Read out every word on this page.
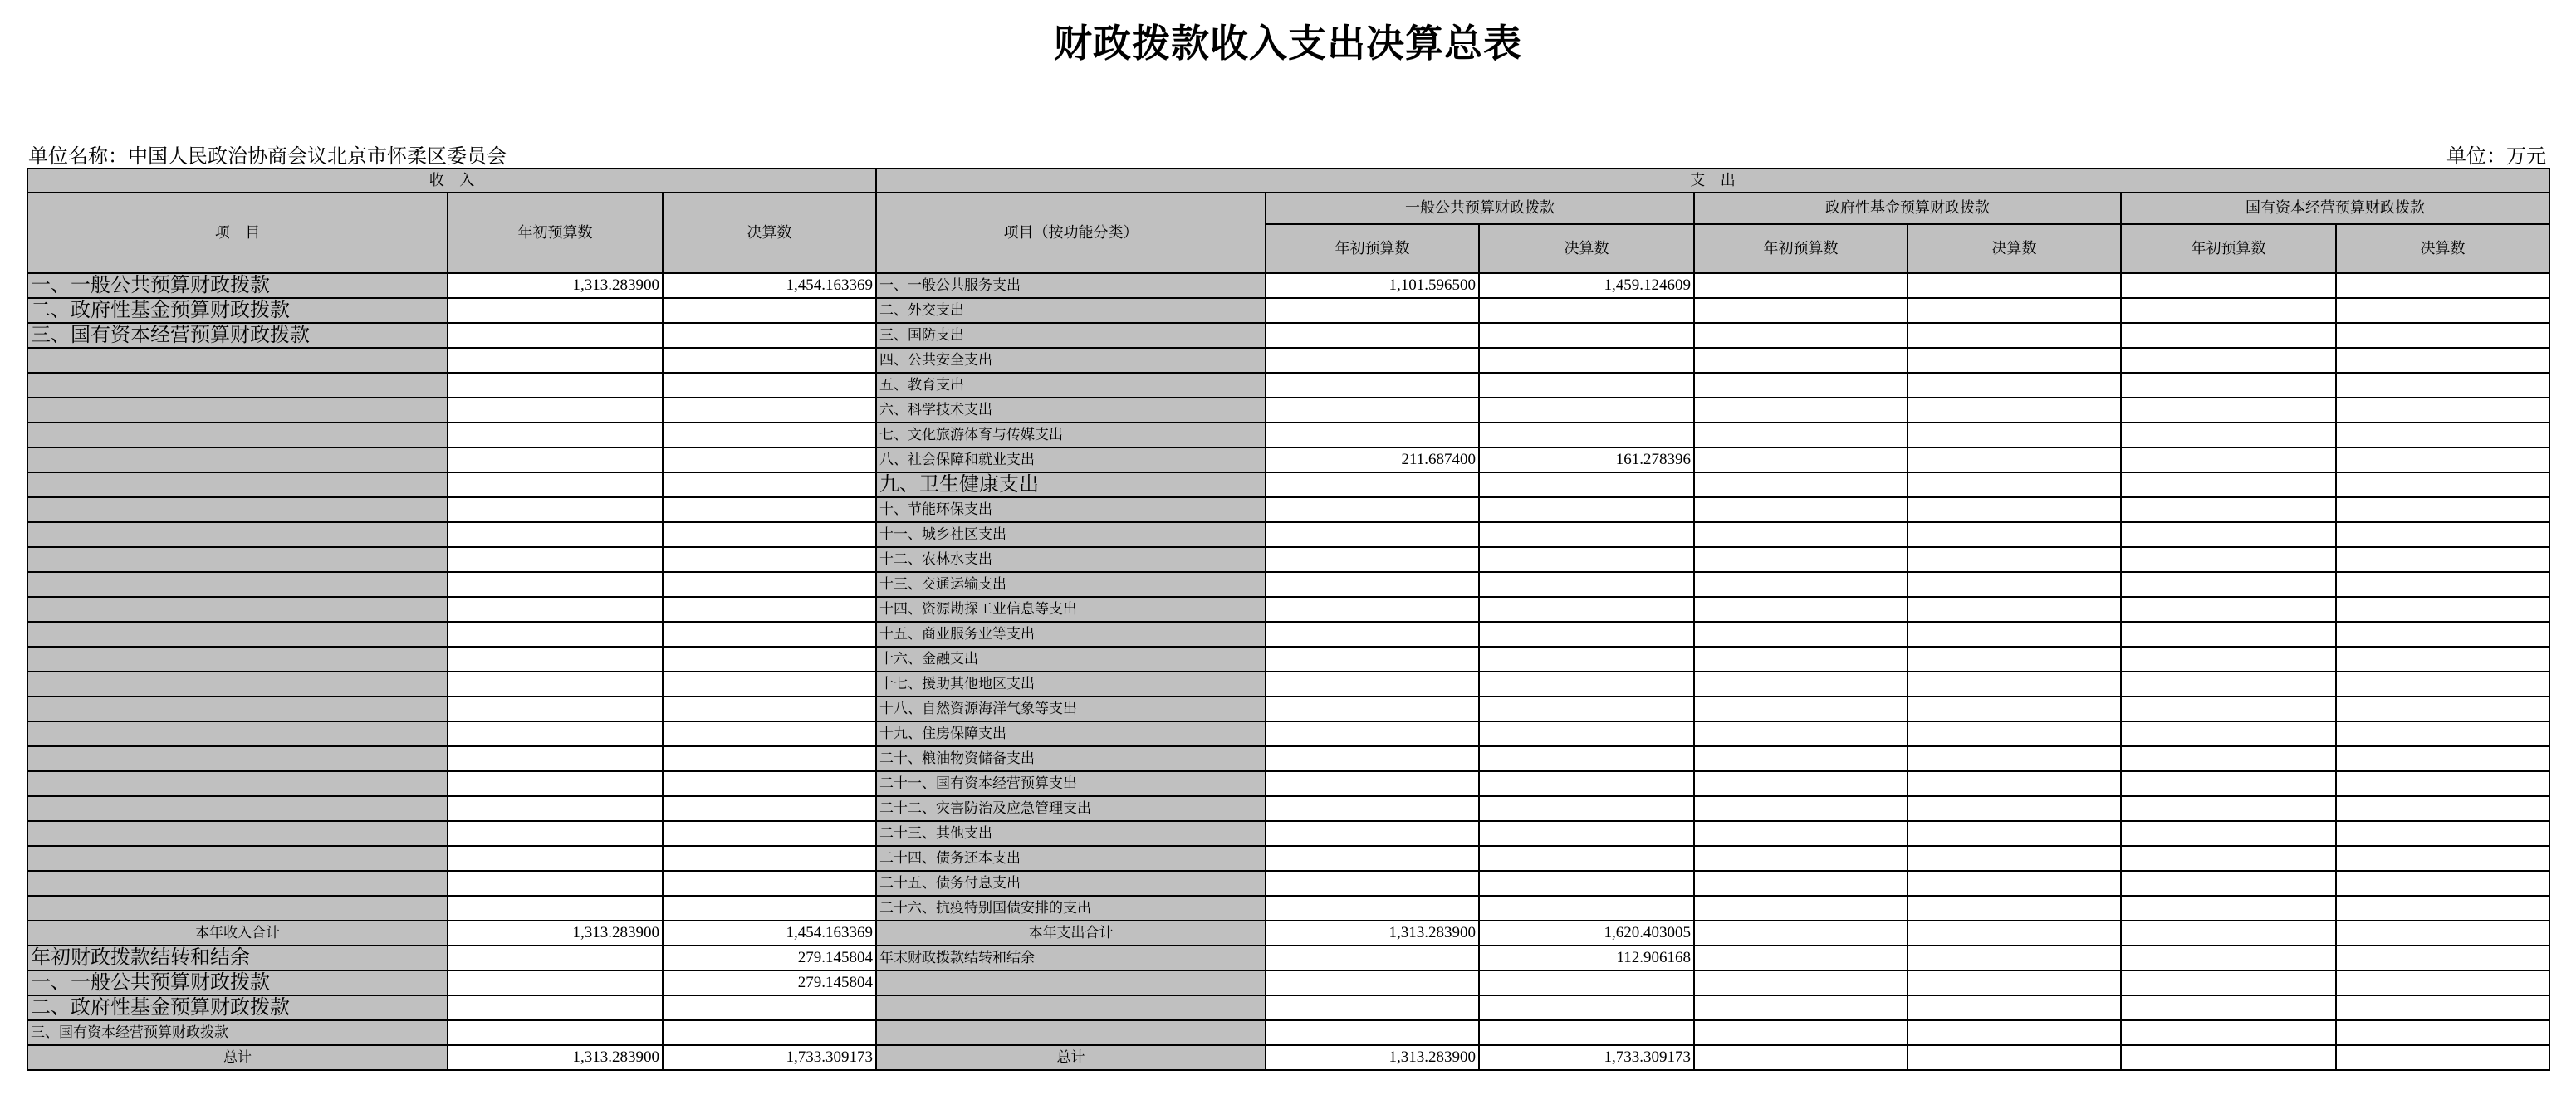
财政拨款收入支出决算总表
单位名称：中国人民政治协商会议北京市怀柔区委员会	单位：万元
收 入			支 出						
项 目	年初预算数	决算数	项目（按功能分类）	一般公共预算财政拨款		政府性基金预算财政拨款		国有资本经营预算财政拨款	
				年初预算数	决算数	年初预算数	决算数	年初预算数	决算数
一、一般公共预算财政拨款	1,313.283900	1,454.163369	一、一般公共服务支出	1,101.596500	1,459.124609				
二、政府性基金预算财政拨款			二、外交支出						
三、国有资本经营预算财政拨款			三、国防支出						
			四、公共安全支出						
			五、教育支出						
			六、科学技术支出						
			七、文化旅游体育与传媒支出						
			八、社会保障和就业支出	211.687400	161.278396				
			九、卫生健康支出						
			十、节能环保支出						
			十一、城乡社区支出						
			十二、农林水支出						
			十三、交通运输支出						
			十四、资源勘探工业信息等支出						
			十五、商业服务业等支出						
			十六、金融支出						
			十七、援助其他地区支出						
			十八、自然资源海洋气象等支出						
			十九、住房保障支出						
			二十、粮油物资储备支出						
			二十一、国有资本经营预算支出						
			二十二、灾害防治及应急管理支出						
			二十三、其他支出						
			二十四、债务还本支出						
			二十五、债务付息支出						
			二十六、抗疫特别国债安排的支出						
本年收入合计	1,313.283900	1,454.163369	本年支出合计	1,313.283900	1,620.403005				
年初财政拨款结转和结余		279.145804	年末财政拨款结转和结余		112.906168				
一、一般公共预算财政拨款		279.145804							
二、政府性基金预算财政拨款									
三、国有资本经营预算财政拨款									
总计	1,313.283900	1,733.309173	总计	1,313.283900	1,733.309173				
